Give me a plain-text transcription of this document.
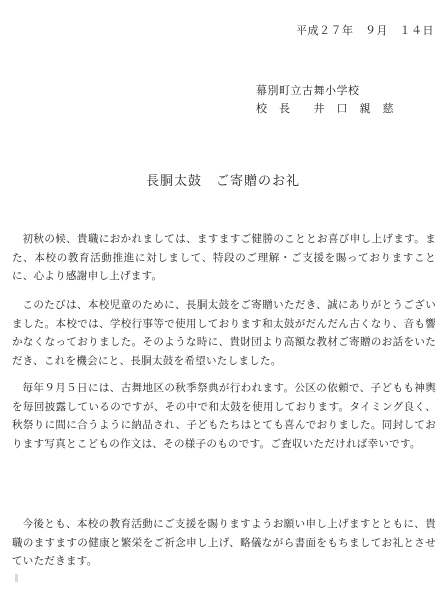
平成２７年　９月　１４日
幕別町立古舞小学校
校　長　　井　口　親　慈
長胴太鼓　ご寄贈のお礼

初秋の候、貴職におかれましては、ますますご健勝のこととお喜び申し上げます。また、本校の教育活動推進に対しまして、特段のご理解・ご支援を賜っておりますことに、心より感謝申し上げます。

このたびは、本校児童のために、長胴太鼓をご寄贈いただき、誠にありがとうございました。本校では、学校行事等で使用しております和太鼓がだんだん古くなり、音も響かなくなっておりました。そのような時に、貴財団より高額な教材ご寄贈のお話をいただき、これを機会にと、長胴太鼓を希望いたしました。

毎年９月５日には、古舞地区の秋季祭典が行われます。公区の依頼で、子どもも神輿を毎回披露しているのですが、その中で和太鼓を使用しております。タイミング良く、秋祭りに間に合うように納品され、子どもたちはとても喜んでおりました。同封しております写真とこどもの作文は、その様子のものです。ご査収いただければ幸いです。

今後とも、本校の教育活動にご支援を賜りますようお願い申し上げますとともに、貴職のますますの健康と繁栄をご祈念申し上げ、略儀ながら書面をもちましてお礼とさせていただきます。
